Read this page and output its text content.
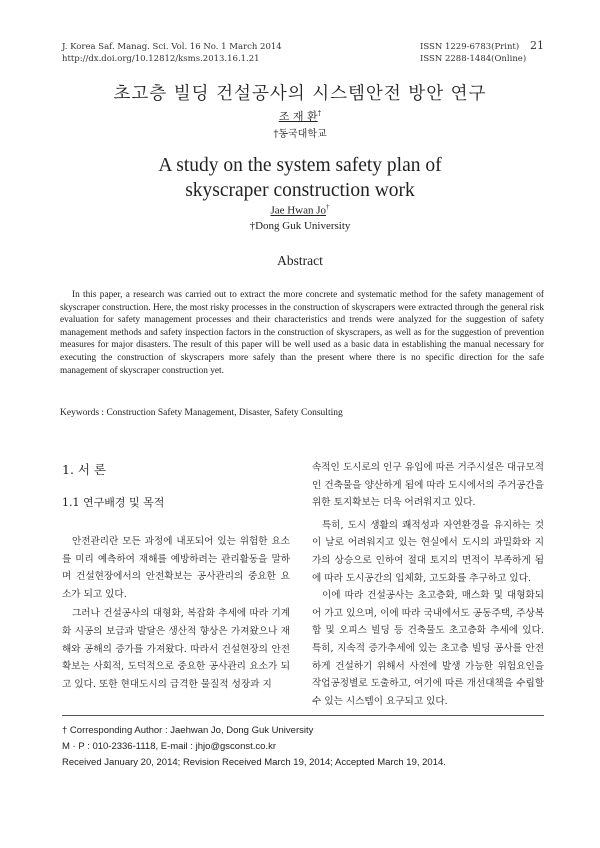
J. Korea Saf. Manag. Sci. Vol. 16 No. 1 March 2014
http://dx.doi.org/10.12812/ksms.2013.16.1.21
ISSN 1229-6783(Print)
ISSN 2288-1484(Online)
21
초고층 빌딩 건설공사의 시스템안전 방안 연구
조 재 환†
†동국대학교
A study on the system safety plan of
skyscraper construction work
Jae Hwan Jo†
†Dong Guk University
Abstract

In this paper, a research was carried out to extract the more concrete and systematic method for the safety management of skyscraper construction. Here, the most risky processes in the construction of skyscrapers were extracted through the general risk evaluation for safety management processes and their characteristics and trends were analyzed for the suggestion of safety management methods and safety inspection factors in the construction of skyscrapers, as well as for the suggestion of prevention measures for major disasters. The result of this paper will be well used as a basic data in establishing the manual necessary for executing the construction of skyscrapers more safely than the present where there is no specific direction for the safe management of skyscraper construction yet.

Keywords : Construction Safety Management, Disaster, Safety Consulting
1. 서 론
1.1 연구배경 및 목적

안전관리란 모든 과정에 내포되어 있는 위험한 요소를 미리 예측하여 재해를 예방하려는 관리활동을 말하며 건설현장에서의 안전확보는 공사관리의 중요한 요소가 되고 있다.

그러나 건설공사의 대형화, 복잡화 추세에 따라 기계화 시공의 보급과 발달은 생산적 향상은 가져왔으나 재해와 공해의 증가를 가져왔다. 따라서 건설현장의 안전확보는 사회적, 도덕적으로 중요한 공사관리 요소가 되고 있다. 또한 현대도시의 급격한 물질적 성장과 지

속적인 도시로의 인구 유입에 따른 거주시설은 대규모적인 건축물을 양산하게 됨에 따라 도시에서의 주거공간을 위한 토지확보는 더욱 어려워지고 있다.

특히, 도시 생활의 쾌적성과 자연환경을 유지하는 것이 날로 어려워지고 있는 현실에서 도시의 과밀화와 지가의 상승으로 인하여 절대 토지의 면적이 부족하게 됨에 따라 도시공간의 입체화, 고도화를 추구하고 있다.

이에 따라 건설공사는 초고층화, 매스화 및 대형화되어 가고 있으며, 이에 따라 국내에서도 공동주택, 주상복합 및 오피스 빌딩 등 건축물도 초고층화 추세에 있다. 특히, 지속적 증가추세에 있는 초고층 빌딩 공사를 안전하게 건설하기 위해서 사전에 발생 가능한 위험요인을 작업공정별로 도출하고, 여기에 따른 개선대책을 수립할 수 있는 시스템이 요구되고 있다.

† Corresponding Author : Jaehwan Jo, Dong Guk University
M · P : 010-2336-1118, E-mail : jhjo@gsconst.co.kr
Received January 20, 2014; Revision Received March 19, 2014; Accepted March 19, 2014.
